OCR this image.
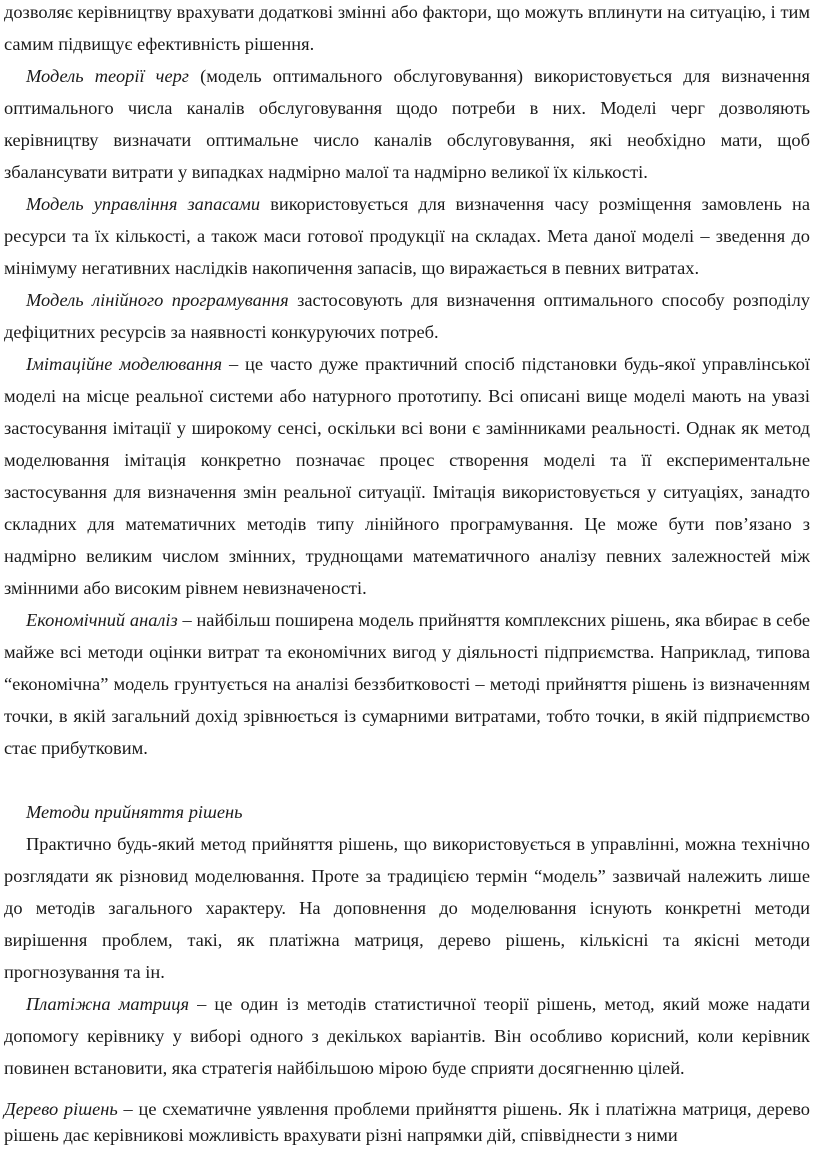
дозволяє керівництву врахувати додаткові змінні або фактори, що можуть вплинути на ситуацію, і тим самим підвищує ефективність рішення.

Модель теорії черг (модель оптимального обслуговування) використовується для визначення оптимального числа каналів обслуговування щодо потреби в них. Моделі черг дозволяють керівництву визначати оптимальне число каналів обслуговування, які необхідно мати, щоб збалансувати витрати у випадках надмірно малої та надмірно великої їх кількості.

Модель управління запасами використовується для визначення часу розміщення замовлень на ресурси та їх кількості, а також маси готової продукції на складах. Мета даної моделі – зведення до мінімуму негативних наслідків накопичення запасів, що виражається в певних витратах.

Модель лінійного програмування застосовують для визначення оптимального способу розподілу дефіцитних ресурсів за наявності конкуруючих потреб.

Імітаційне моделювання – це часто дуже практичний спосіб підстановки будь-якої управлінської моделі на місце реальної системи або натурного прототипу. Всі описані вище моделі мають на увазі застосування імітації у широкому сенсі, оскільки всі вони є замінниками реальності. Однак як метод моделювання імітація конкретно позначає процес створення моделі та її експериментальне застосування для визначення змін реальної ситуації. Імітація використовується у ситуаціях, занадто складних для математичних методів типу лінійного програмування. Це може бути пов’язано з надмірно великим числом змінних, труднощами математичного аналізу певних залежностей між змінними або високим рівнем невизначеності.

Економічний аналіз – найбільш поширена модель прийняття комплексних рішень, яка вбирає в себе майже всі методи оцінки витрат та економічних вигод у діяльності підприємства. Наприклад, типова “економічна” модель грунтується на аналізі беззбитковості – методі прийняття рішень із визначенням точки, в якій загальний дохід зрівнюється із сумарними витратами, тобто точки, в якій підприємство стає прибутковим.

Методи прийняття рішень

Практично будь-який метод прийняття рішень, що використовується в управлінні, можна технічно розглядати як різновид моделювання. Проте за традицією термін “модель” зазвичай належить лише до методів загального характеру. На доповнення до моделювання існують конкретні методи вирішення проблем, такі, як платіжна матриця, дерево рішень, кількісні та якісні методи прогнозування та ін.

Платіжна матриця – це один із методів статистичної теорії рішень, метод, який може надати допомогу керівнику у виборі одного з декількох варіантів. Він особливо корисний, коли керівник повинен встановити, яка стратегія найбільшою мірою буде сприяти досягненню цілей.

Дерево рішень – це схематичне уявлення проблеми прийняття рішень. Як і платіжна матриця, дерево рішень дає керівникові можливість врахувати різні напрямки дій, співвіднести з ними
